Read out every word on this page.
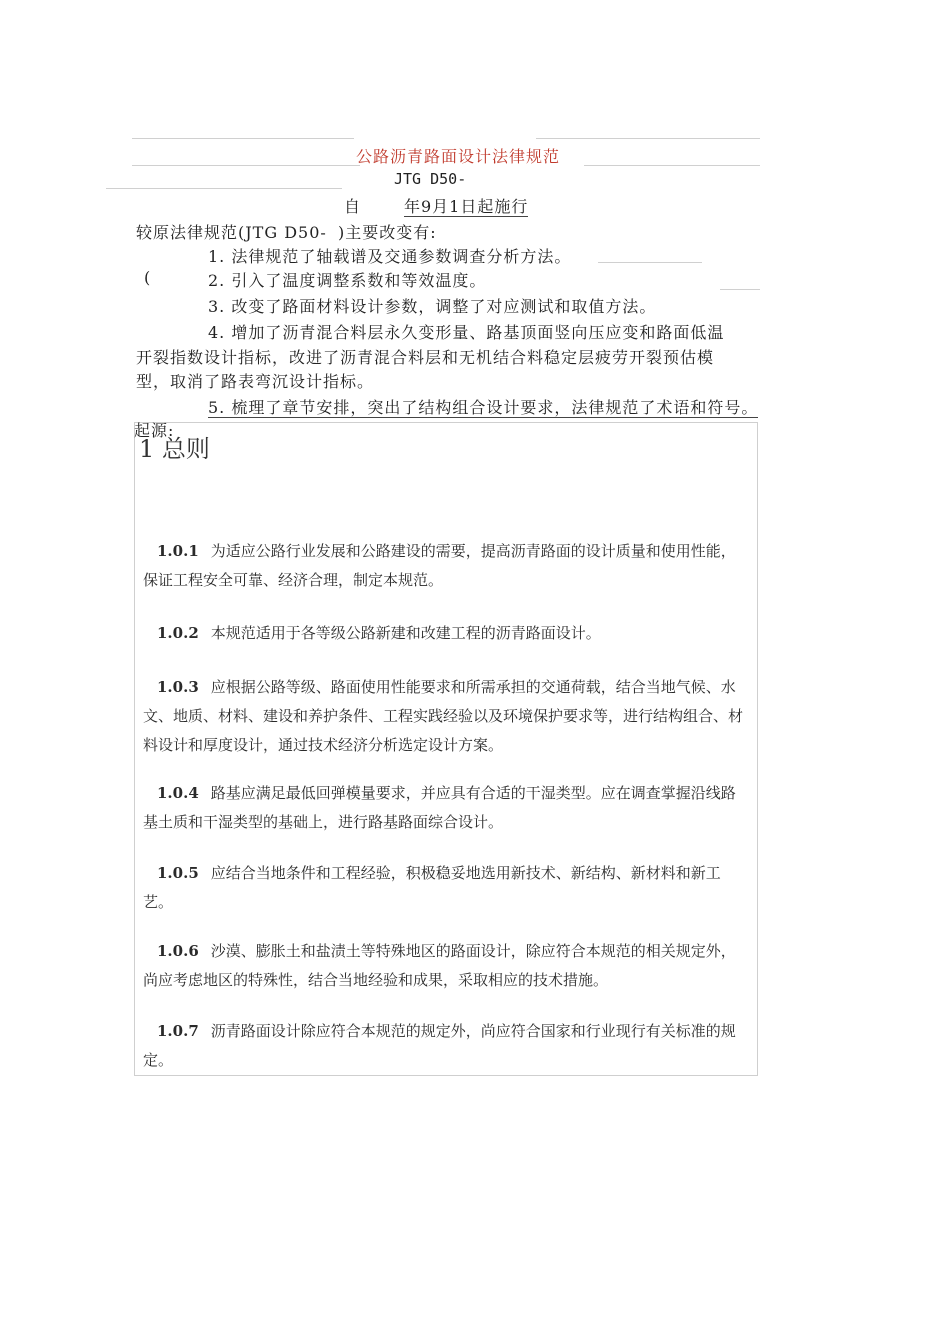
公路沥青路面设计法律规范
JTG D50-
自	年9月1日起施行
较原法律规范(JTG D50- )主要改变有:
(
1. 法律规范了轴载谱及交通参数调查分析方法。
2. 引入了温度调整系数和等效温度。
3. 改变了路面材料设计参数，调整了对应测试和取值方法。
4. 增加了沥青混合料层永久变形量、路基顶面竖向压应变和路面低温
开裂指数设计指标，改进了沥青混合料层和无机结合料稳定层疲劳开裂预估模
型，取消了路表弯沉设计指标。
5. 梳理了章节安排，突出了结构组合设计要求，法律规范了术语和符号。
1 总则
1.0.1 为适应公路行业发展和公路建设的需要，提高沥青路面的设计质量和使用性能，保证工程安全可靠、经济合理，制定本规范。
1.0.2 本规范适用于各等级公路新建和改建工程的沥青路面设计。
1.0.3 应根据公路等级、路面使用性能要求和所需承担的交通荷载，结合当地气候、水文、地质、材料、建设和养护条件、工程实践经验以及环境保护要求等，进行结构组合、材料设计和厚度设计，通过技术经济分析选定设计方案。
1.0.4 路基应满足最低回弹模量要求，并应具有合适的干湿类型。应在调查掌握沿线路基土质和干湿类型的基础上，进行路基路面综合设计。
1.0.5 应结合当地条件和工程经验，积极稳妥地选用新技术、新结构、新材料和新工艺。
1.0.6 沙漠、膨胀土和盐渍土等特殊地区的路面设计，除应符合本规范的相关规定外，尚应考虑地区的特殊性，结合当地经验和成果，采取相应的技术措施。
1.0.7 沥青路面设计除应符合本规范的规定外，尚应符合国家和行业现行有关标准的规定。
起源:
